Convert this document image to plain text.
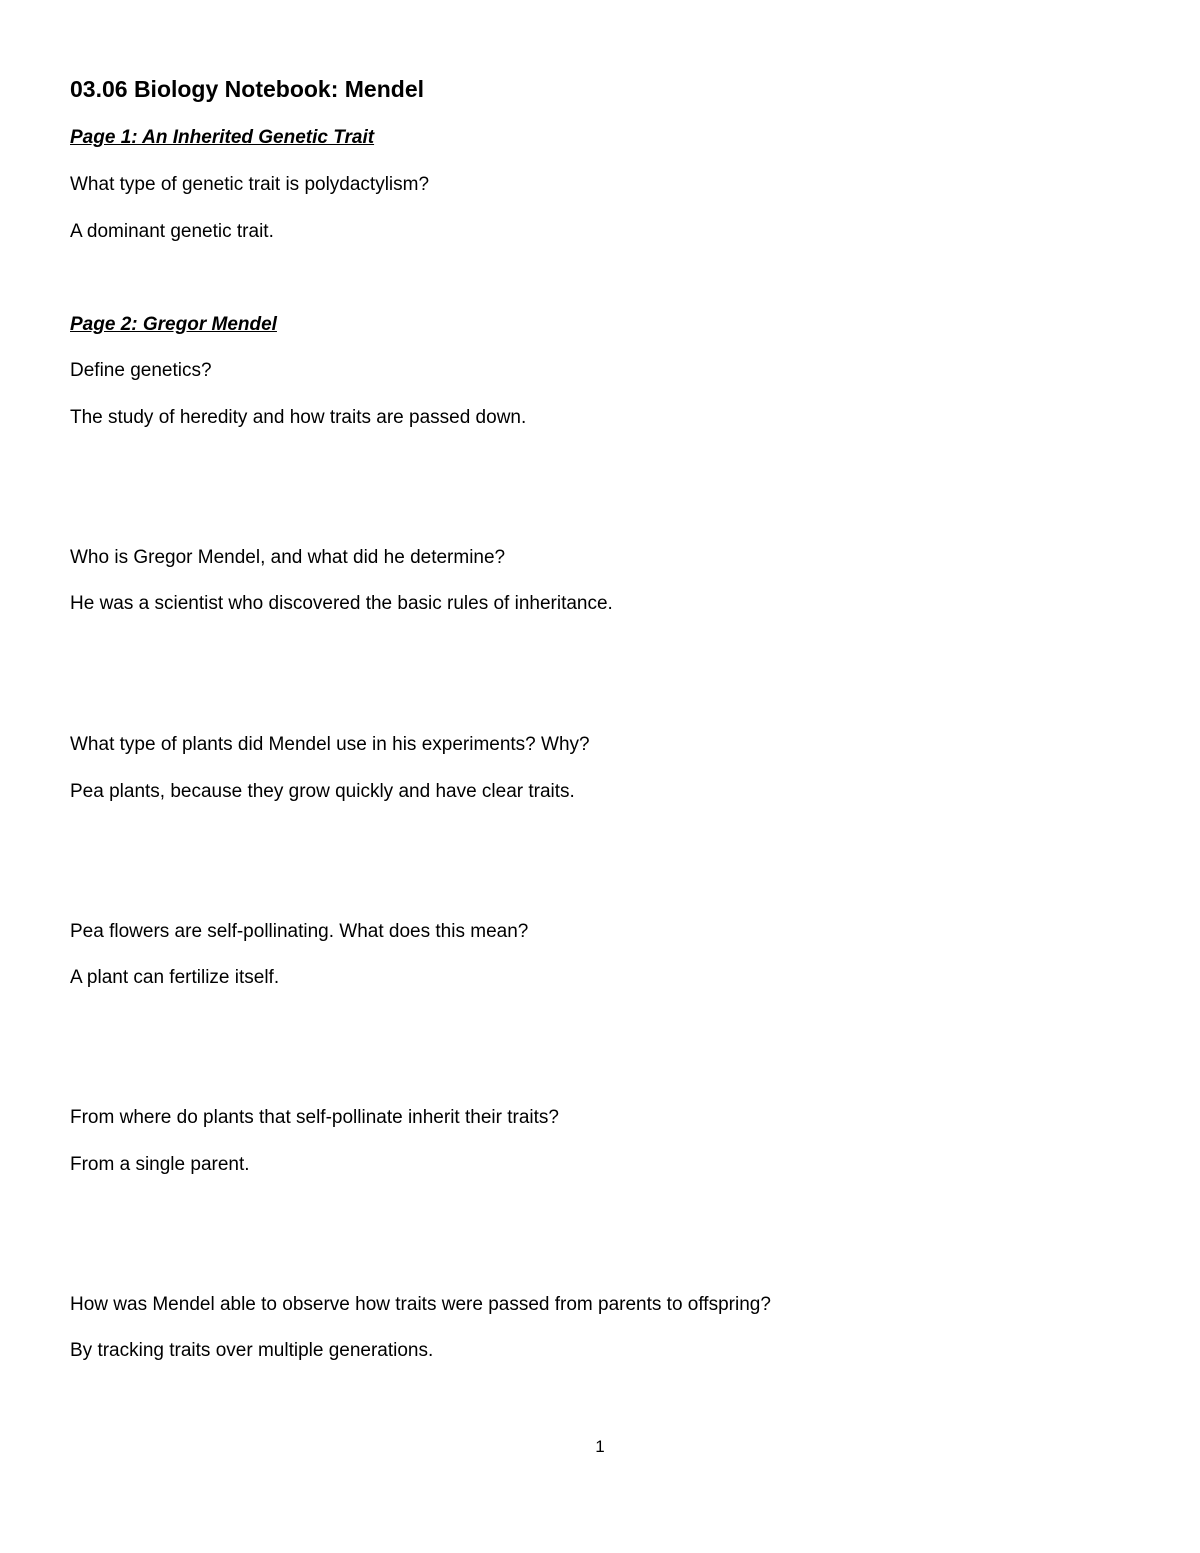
03.06 Biology Notebook: Mendel
Page 1: An Inherited Genetic Trait
What type of genetic trait is polydactylism?
A dominant genetic trait.
Page 2: Gregor Mendel
Define genetics?
The study of heredity and how traits are passed down.
Who is Gregor Mendel, and what did he determine?
He was a scientist who discovered the basic rules of inheritance.
What type of plants did Mendel use in his experiments? Why?
Pea plants, because they grow quickly and have clear traits.
Pea flowers are self-pollinating. What does this mean?
A plant can fertilize itself.
From where do plants that self-pollinate inherit their traits?
From a single parent.
How was Mendel able to observe how traits were passed from parents to offspring?
By tracking traits over multiple generations.
1
